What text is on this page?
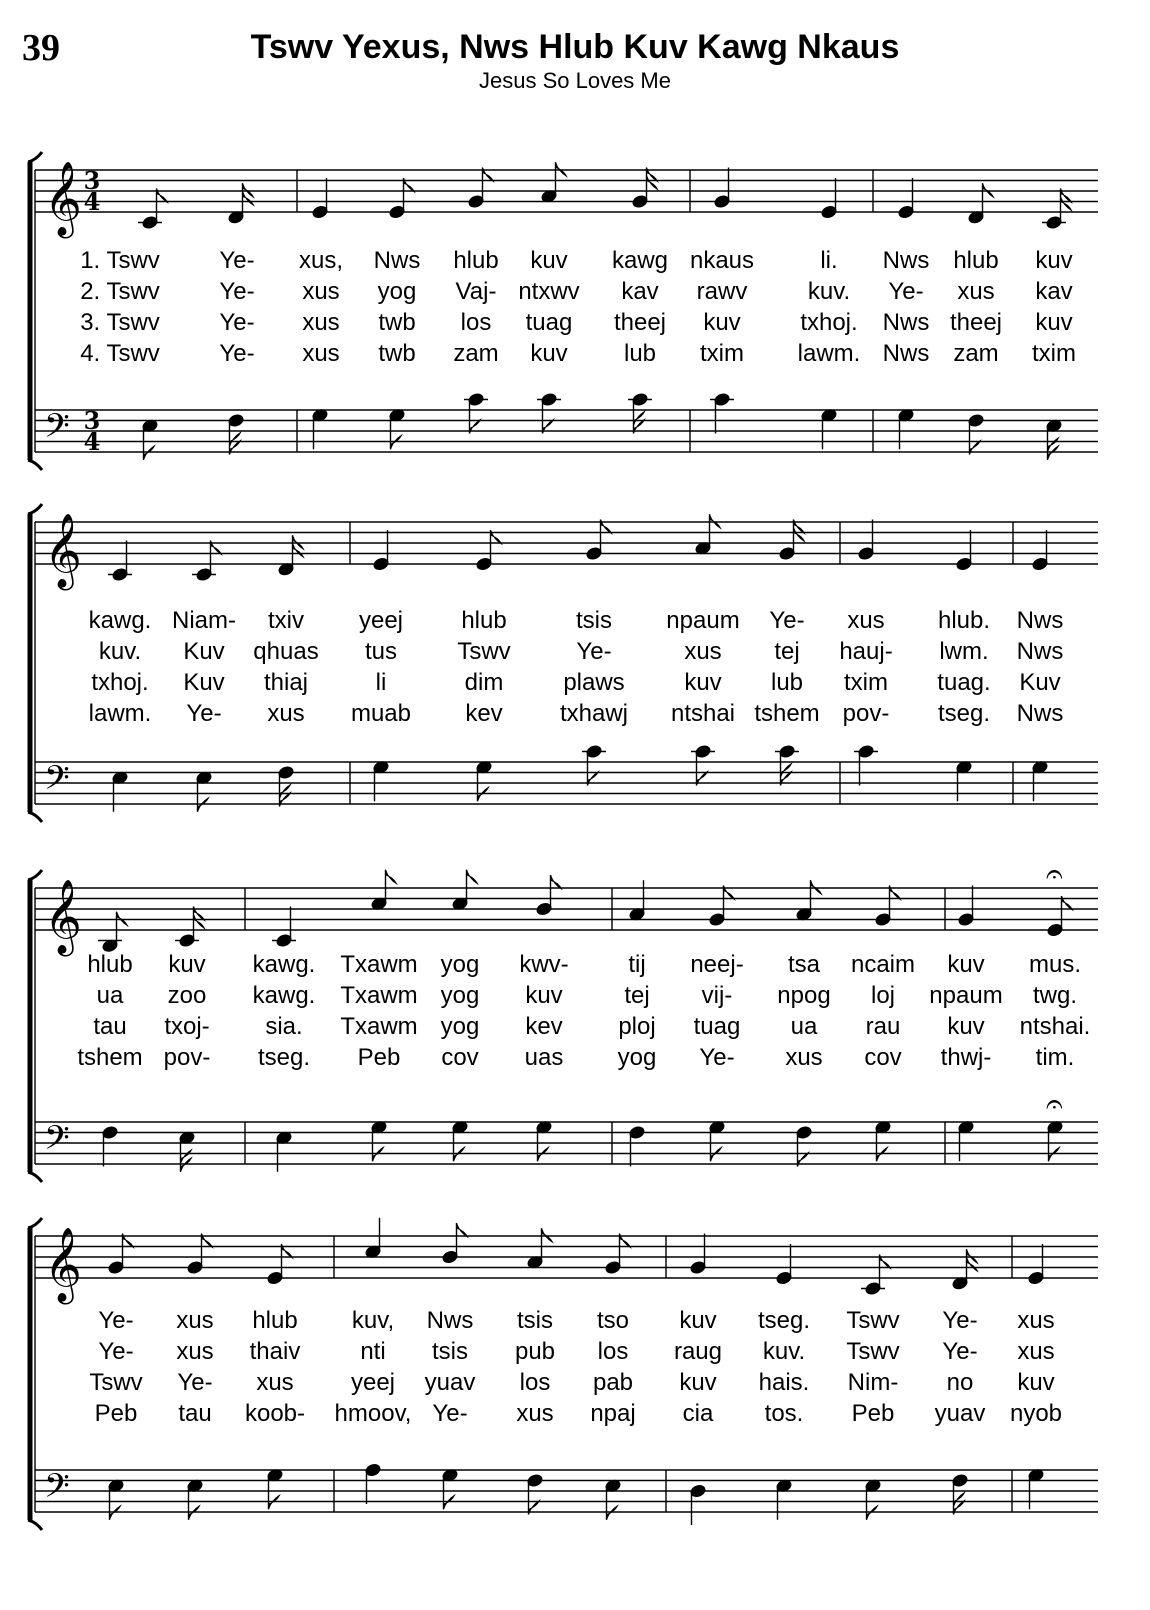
39	Tswv Yexus, Nws Hlub Kuv Kawg Nkaus
Jesus So Loves Me
𝄞
𝄢
3
4
3
4
1. Tswv Ye- xus, Nws hlub kuv kawg nkaus	li. Nws hlub kuv
2. Tswv Ye- xus yog Vaj- ntxwv kav rawv	kuv. Ye- xus kav
3. Tswv Ye- xus twb los tuag theej kuv txhoj. Nws theej kuv
4. Tswv Ye- xus twb zam kuv lub txim lawm. Nws zam txim
𝄞
𝄢
kawg. Niam- txiv yeej hlub	tsis npaum Ye- xus hlub. Nws
kuv. Kuv qhuas tus	Tswv	Ye-	xus tej hauj- lwm. Nws
txhoj. Kuv thiaj	li	dim plaws kuv lub txim tuag. Kuv
lawm. Ye- xus muab kev txhawj ntshai tshem pov- tseg. Nws
𝄞
𝄢
𝄐
𝄐
hlub kuv kawg. Txawm yog kwv- tij neej- tsa ncaim kuv mus.
ua zoo kawg. Txawm yog kuv	tej vij- npog loj npaum twg.
tau txoj- sia. Txawm yog kev ploj tuag ua rau kuv ntshai.
tshem pov- tseg. Peb cov uas yog Ye- xus cov thwj- tim.
𝄞
𝄢
Ye- xus hlub kuv, Nws tsis tso kuv tseg. Tswv Ye- xus
Ye- xus thaiv nti tsis pub los raug kuv. Tswv Ye- xus
Tswv Ye- xus yeej yuav los pab kuv hais. Nim- no kuv
Peb tau koob- hmoov, Ye- xus npaj cia tos. Peb yuav nyob
